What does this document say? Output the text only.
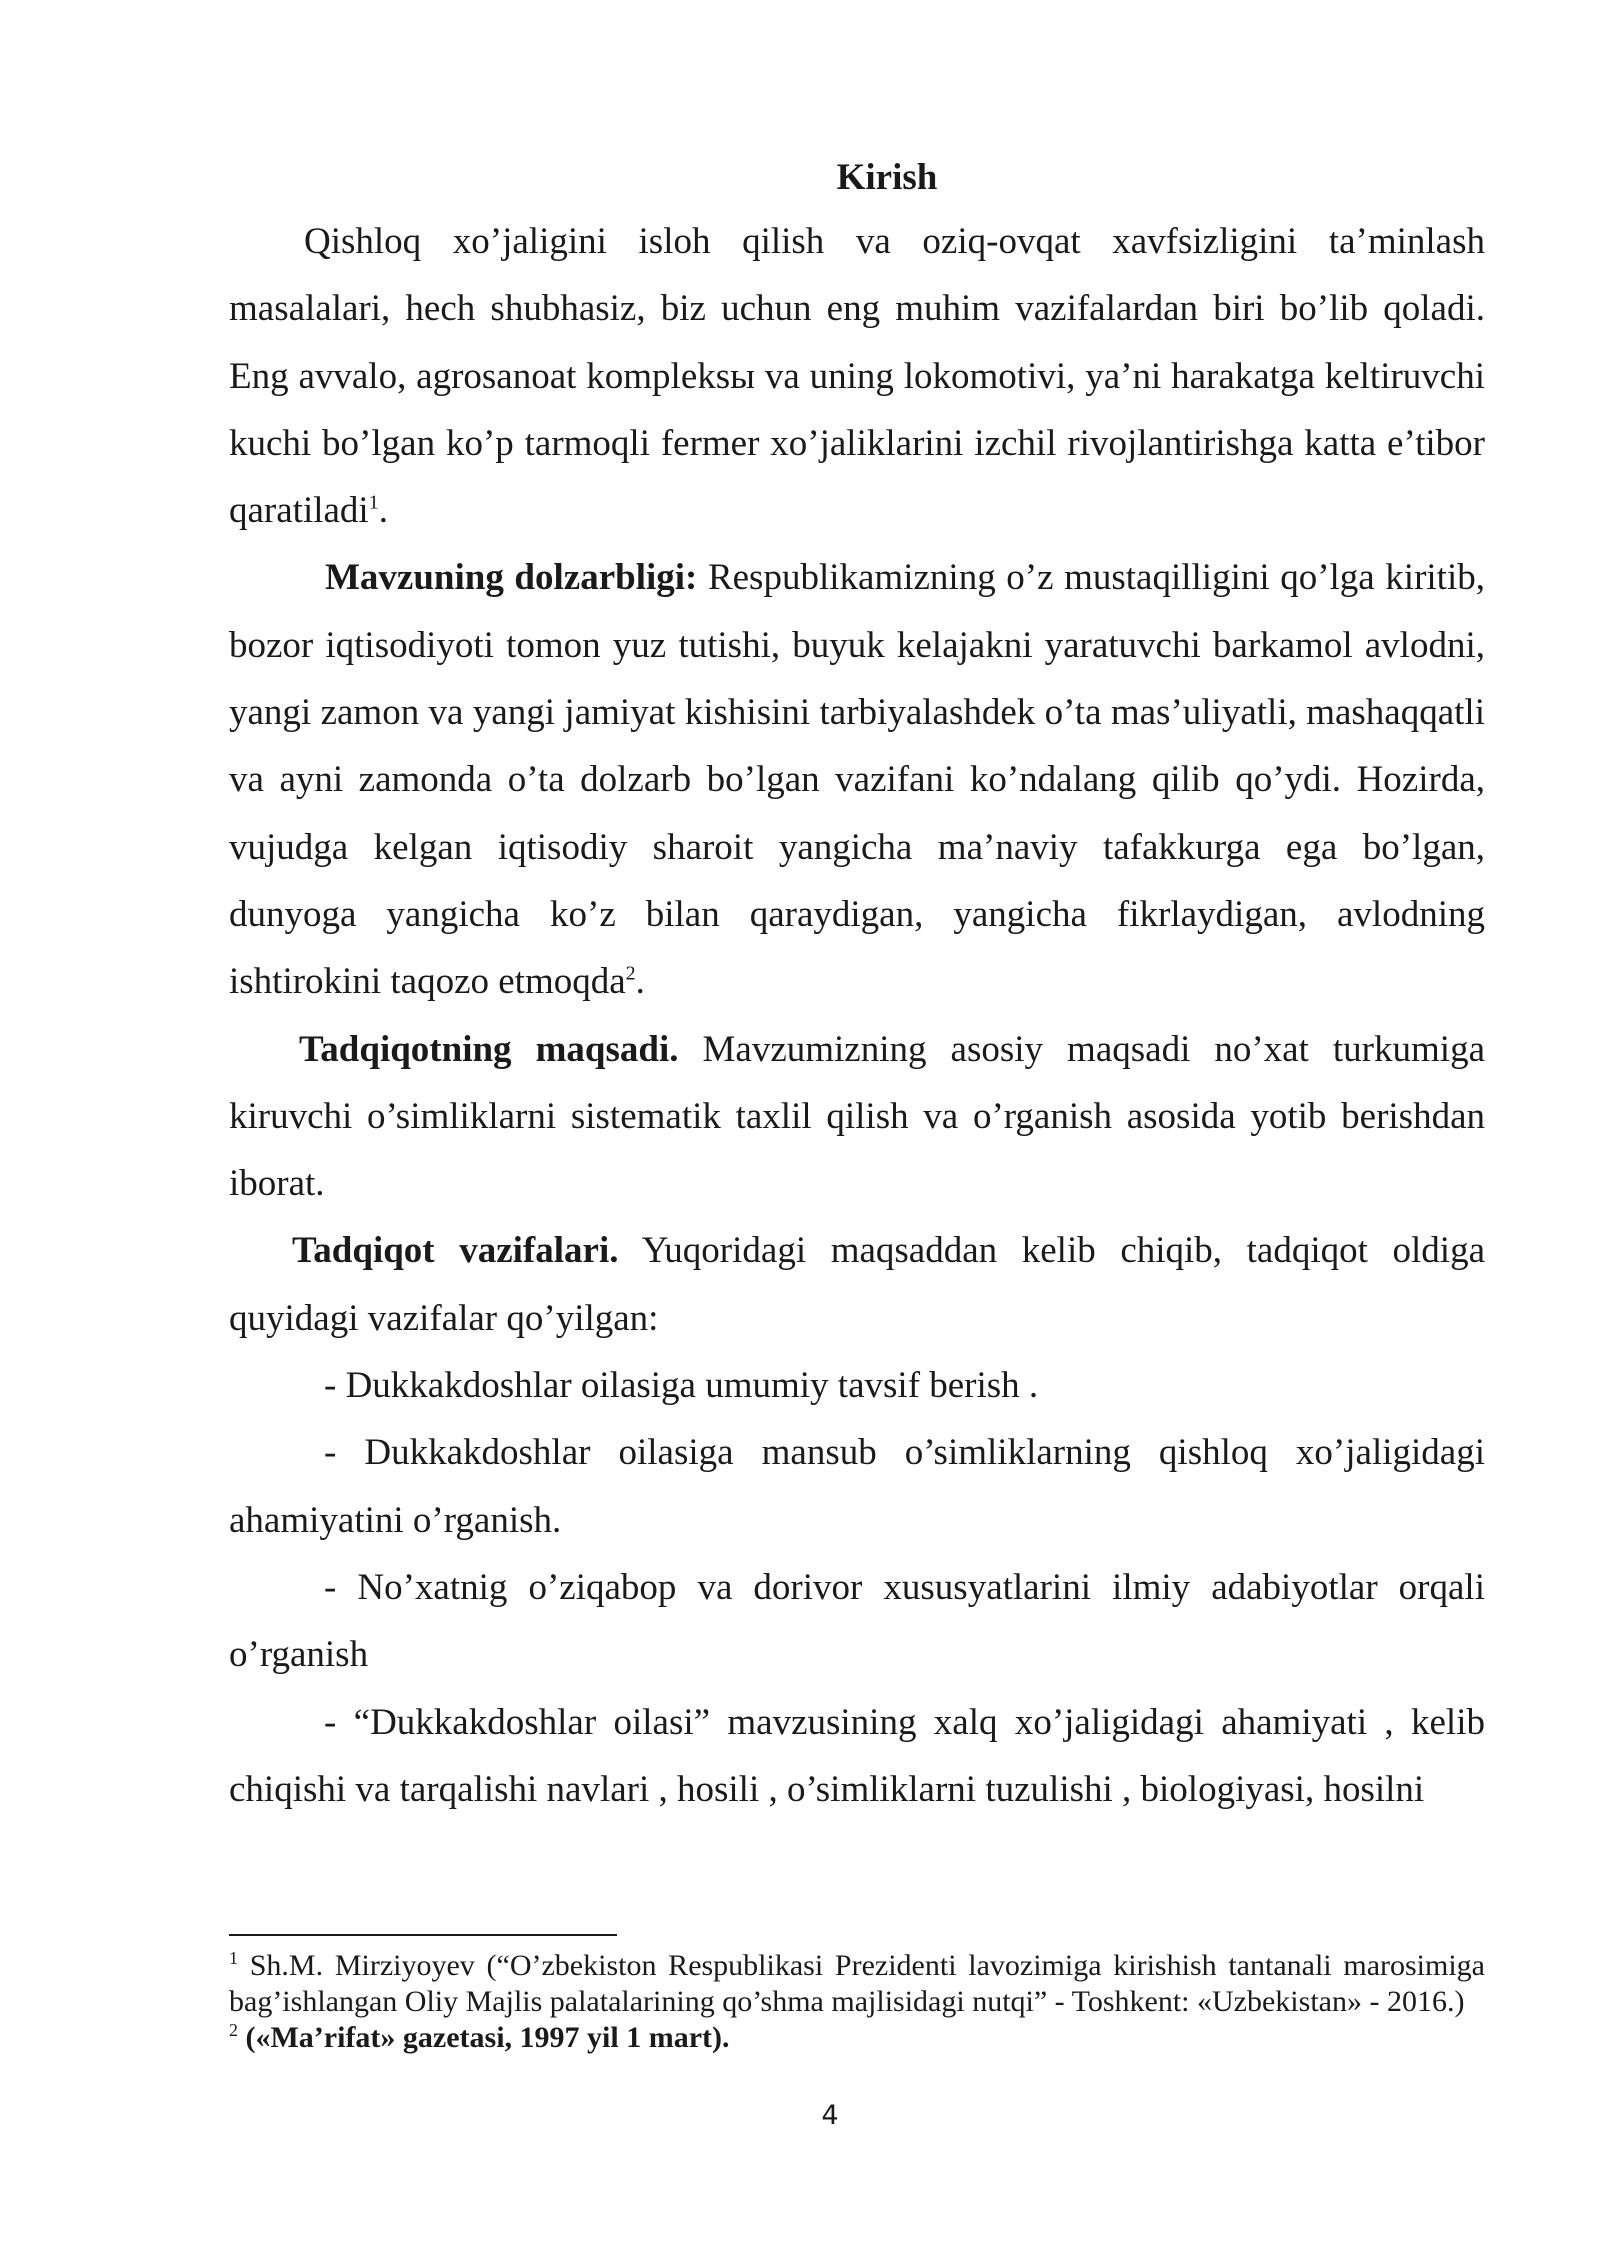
Kirish

Qishloq xo’jaligini isloh qilish va oziq-ovqat xavfsizligini ta’minlash masalalari, hech shubhasiz, biz uchun eng muhim vazifalardan biri bo’lib qoladi. Eng avvalo, agrosanoat kompleksы va uning lokomotivi, ya’ni harakatga keltiruvchi kuchi bo’lgan ko’p tarmoqli fermer xo’jaliklarini izchil rivojlantirishga katta e’tibor qaratiladi$^1$.

Mavzuning dolzarbligi: Respublikamizning o’z mustaqilligini qo’lga kiritib, bozor iqtisodiyoti tomon yuz tutishi, buyuk kelajakni yaratuvchi barkamol avlodni, yangi zamon va yangi jamiyat kishisini tarbiyalashdek o’ta mas’uliyatli, mashaqqatli va ayni zamonda o’ta dolzarb bo’lgan vazifani ko’ndalang qilib qo’ydi. Hozirda, vujudga kelgan iqtisodiy sharoit yangicha ma’naviy tafakkurga ega bo’lgan, dunyoga yangicha ko’z bilan qaraydigan, yangicha fikrlaydigan, avlodning ishtirokini taqozo etmoqda$^2$.

Tadqiqotning maqsadi. Mavzumizning asosiy maqsadi no’xat turkumiga kiruvchi o’simliklarni sistematik taxlil qilish va o’rganish asosida yotib berishdan iborat.

Tadqiqot vazifalari. Yuqoridagi maqsaddan kelib chiqib, tadqiqot oldiga quyidagi vazifalar qo’yilgan:

- Dukkakdoshlar oilasiga umumiy tavsif berish .

- Dukkakdoshlar oilasiga mansub o’simliklarning qishloq xo’jaligidagi ahamiyatini o’rganish.

- No’xatnig o’ziqabop va dorivor xususyatlarini ilmiy adabiyotlar orqali o’rganish

- “Dukkakdoshlar oilasi” mavzusining xalq xo’jaligidagi ahamiyati , kelib chiqishi va tarqalishi navlari , hosili , o’simliklarni tuzulishi , biologiyasi, hosilni

$^1$ Sh.M. Mirziyoyev (“O’zbekiston Respublikasi Prezidenti lavozimiga kirishish tantanali marosimiga bag’ishlangan Oliy Majlis palatalarining qo’shma majlisidagi nutqi” - Toshkent: «Uzbekistan» - 2016.)

$^2$ («Ma’rifat» gazetasi, 1997 yil 1 mart).

4
